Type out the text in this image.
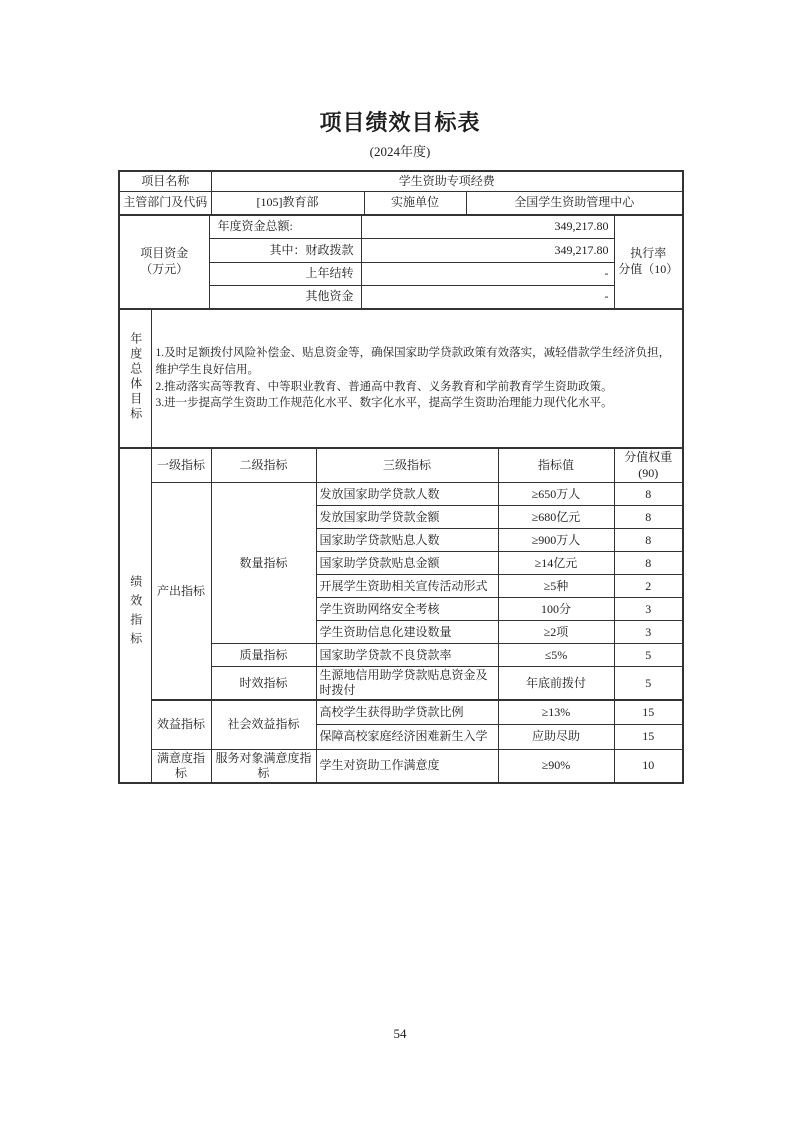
项目绩效目标表
(2024年度)
项目名称	学生资助专项经费		
主管部门及代码	[105]教育部	实施单位	全国学生资助管理中心
项目资金
（万元）	年度资金总额:	349,217.80	执行率
分值（10）
	其中：财政拨款	349,217.80	
	上年结转	-	
	其他资金	-	
年度总体目标	1.及时足额拨付风险补偿金、贴息资金等，确保国家助学贷款政策有效落实，减轻借款学生经济负担，维护学生良好信用。
2.推动落实高等教育、中等职业教育、普通高中教育、义务教育和学前教育学生资助政策。
3.进一步提高学生资助工作规范化水平、数字化水平，提高学生资助治理能力现代化水平。
绩效指标	一级指标	二级指标	三级指标	指标值	分值权重
(90)
	产出指标	数量指标	发放国家助学贷款人数	≥650万人	8
			发放国家助学贷款金额	≥680亿元	8
			国家助学贷款贴息人数	≥900万人	8
			国家助学贷款贴息金额	≥14亿元	8
			开展学生资助相关宣传活动形式	≥5种	2
			学生资助网络安全考核	100分	3
			学生资助信息化建设数量	≥2项	3
		质量指标	国家助学贷款不良贷款率	≤5%	5
		时效指标	生源地信用助学贷款贴息资金及时拨付	年底前拨付	5
	效益指标	社会效益指标	高校学生获得助学贷款比例	≥13%	15
			保障高校家庭经济困难新生入学	应助尽助	15
	满意度指标	服务对象满意度指标	学生对资助工作满意度	≥90%	10
54
